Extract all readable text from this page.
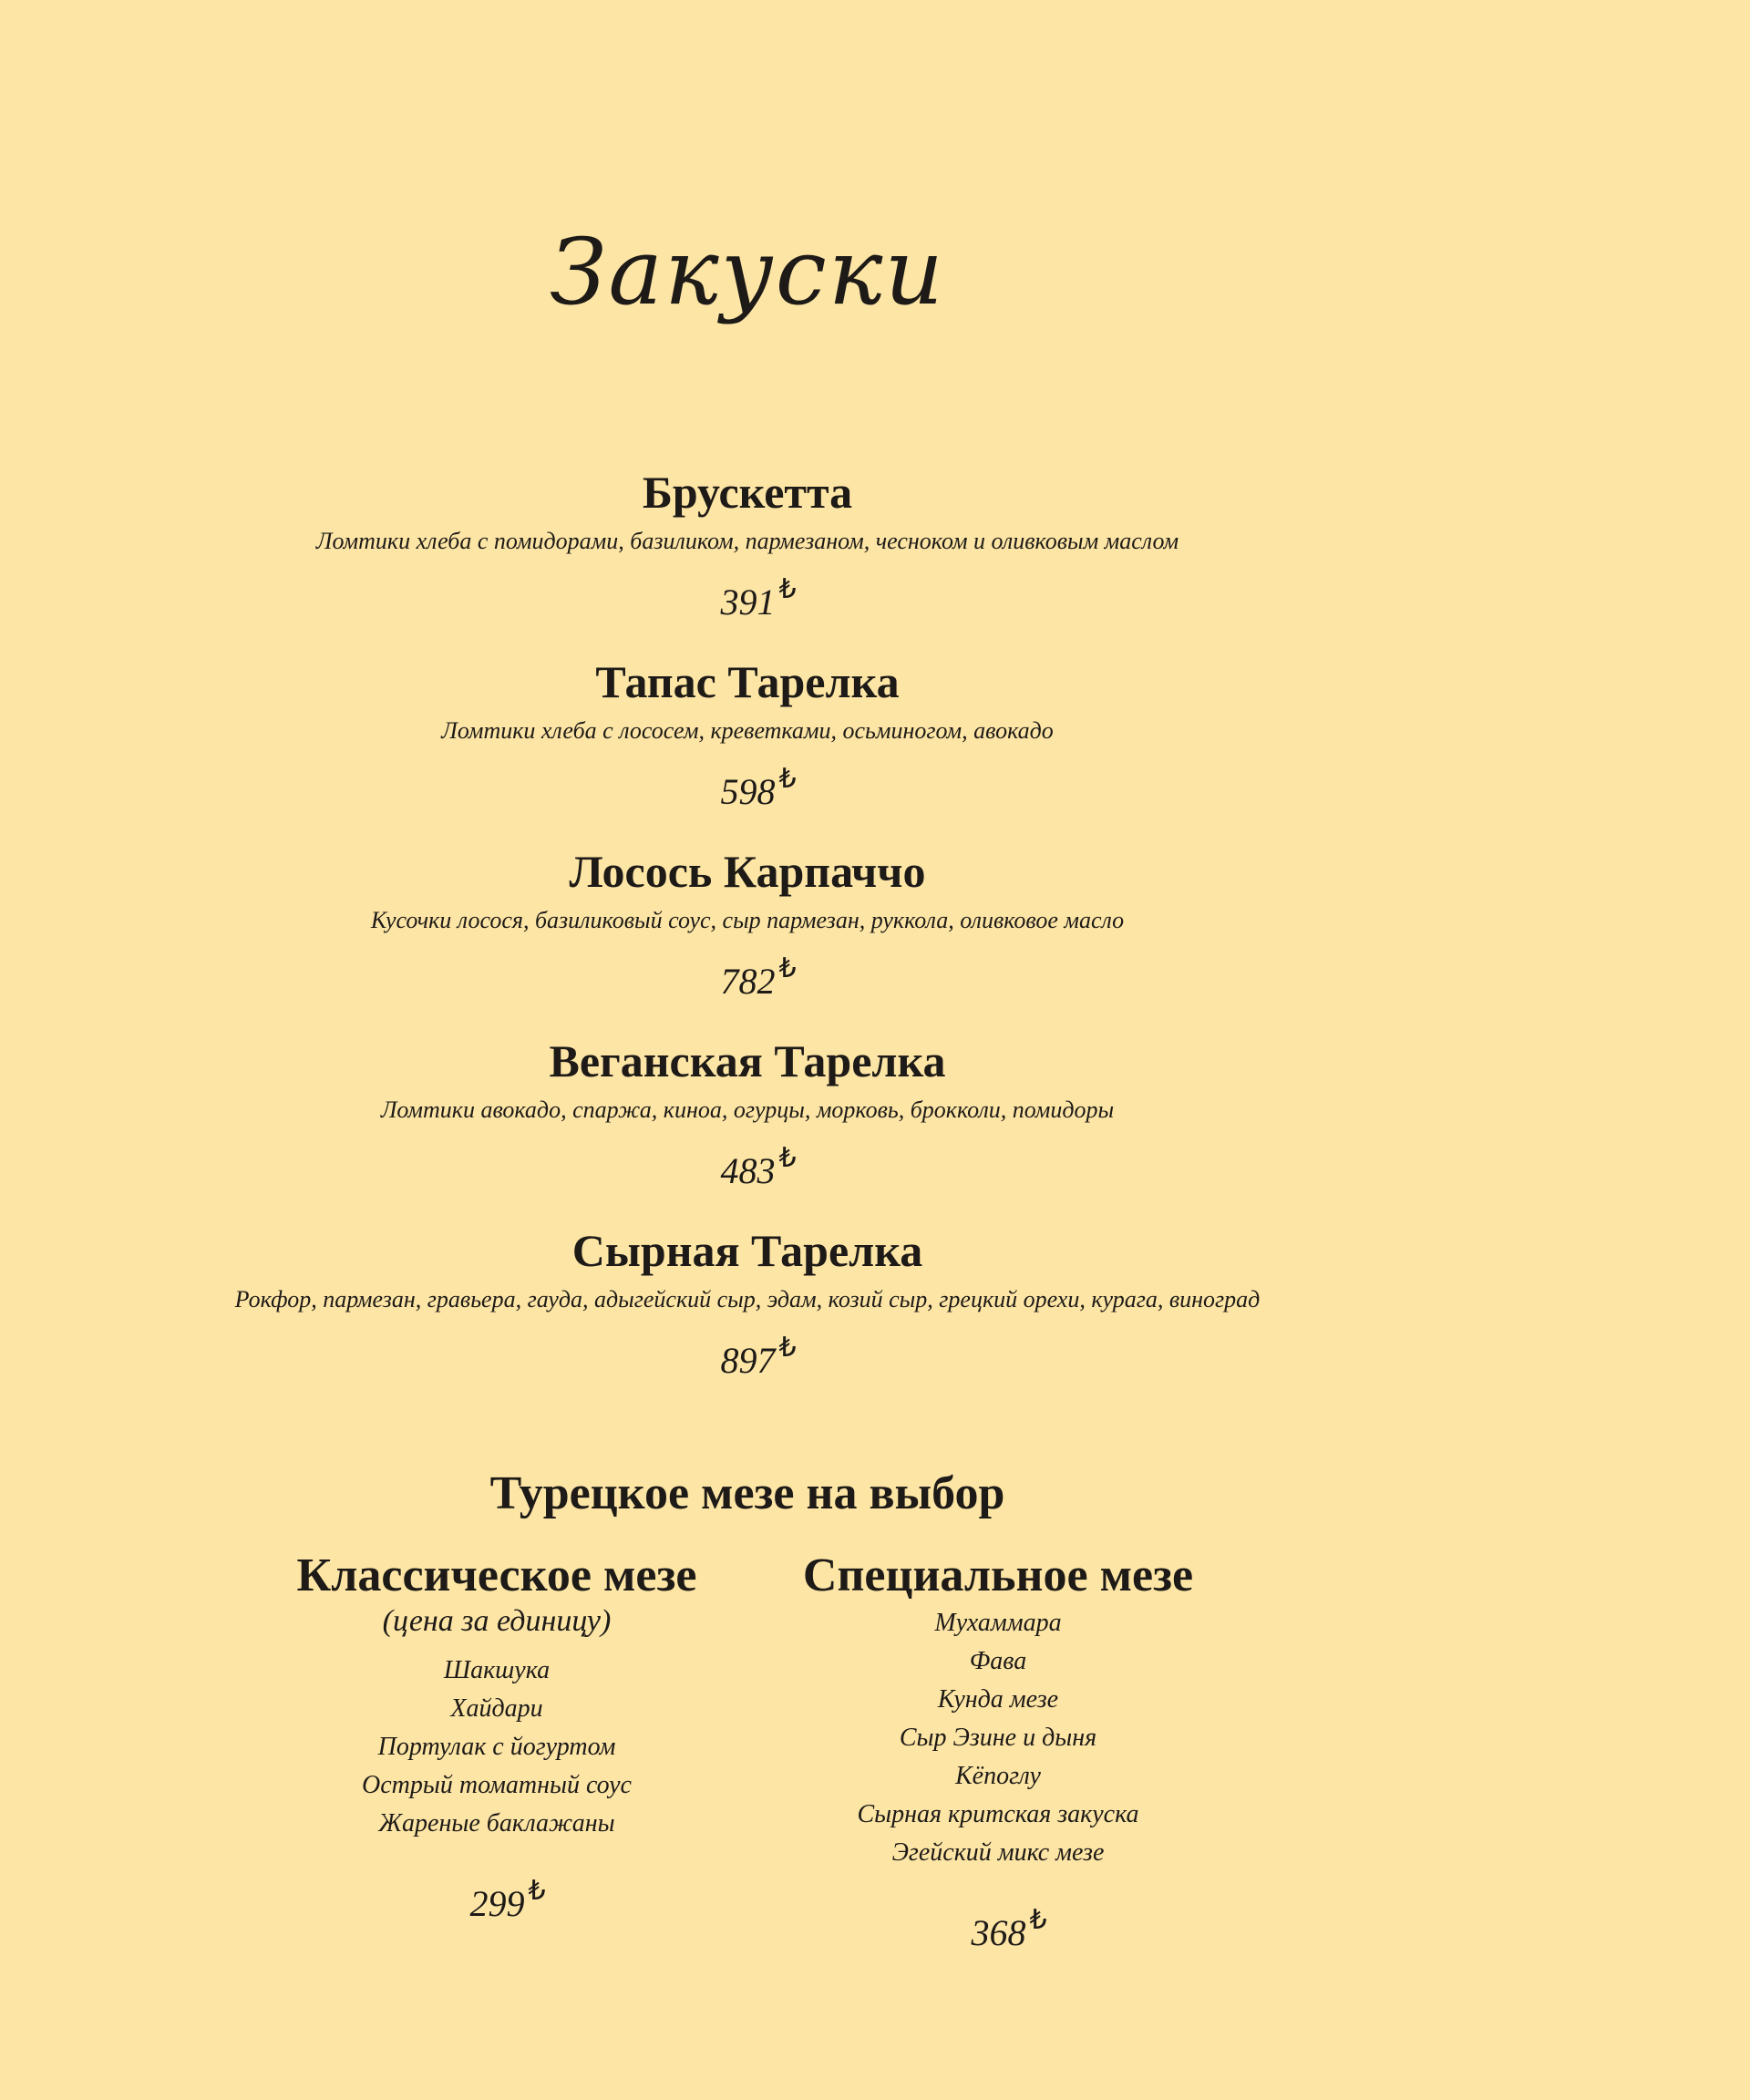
Закуски
Брускетта
Ломтики хлеба с помидорами, базиликом, пармезаном, чесноком и оливковым маслом
391 ₺
Тапас Тарелка
Ломтики хлеба с лососем, креветками, осьминогом, авокадо
598 ₺
Лосось Карпаччо
Кусочки лосося, базиликовый соус, сыр пармезан, руккола, оливковое масло
782 ₺
Веганская Тарелка
Ломтики авокадо, спаржа, киноа, огурцы, морковь, брокколи, помидоры
483 ₺
Сырная Тарелка
Рокфор, пармезан, гравьера, гауда, адыгейский сыр, эдам, козий сыр, грецкий орехи, курага, виноград
897 ₺
Турецкое мезе на выбор
Классическое мезе
(цена за единицу)
Шакшука
Хайдари
Портулак с йогуртом
Острый томатный соус
Жареные баклажаны
299 ₺
Специальное мезе
Мухаммара
Фава
Кунда мезе
Сыр Эзине и дыня
Кёпоглу
Сырная критская закуска
Эгейский микс мезе
368 ₺
